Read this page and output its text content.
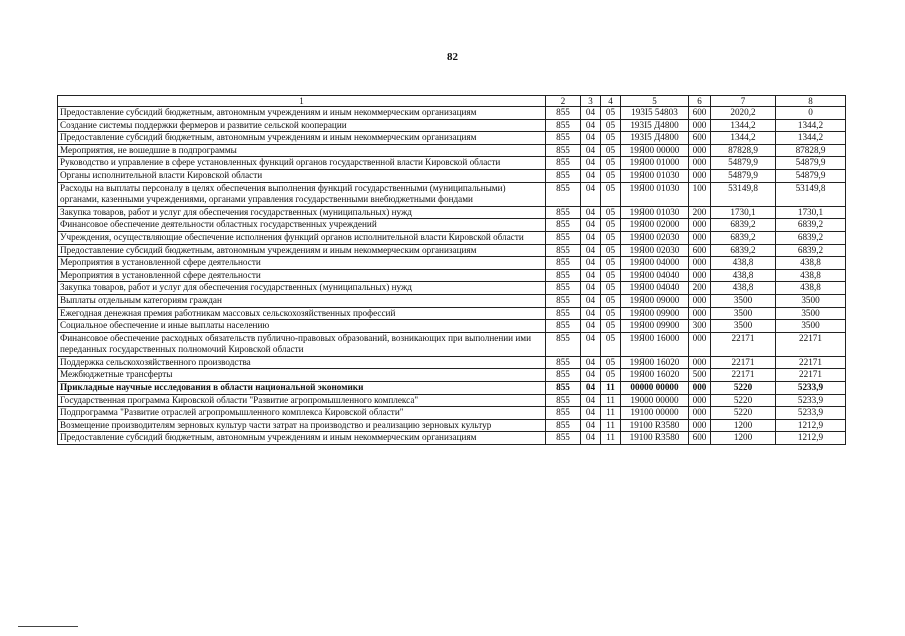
82
1	2	3	4	5	6	7	8
Предоставление субсидий бюджетным, автономным учреждениям и иным некоммерческим организациям	855	04	05	193I5 54803	600	2020,2	0
Создание системы поддержки фермеров и развитие сельской кооперации	855	04	05	193I5 Д4800	000	1344,2	1344,2
Предоставление субсидий бюджетным, автономным учреждениям и иным некоммерческим организациям	855	04	05	193I5 Д4800	600	1344,2	1344,2
Мероприятия, не вошедшие в подпрограммы	855	04	05	19Я00 00000	000	87828,9	87828,9
Руководство и управление в сфере установленных функций органов государственной власти Кировской области	855	04	05	19Я00 01000	000	54879,9	54879,9
Органы исполнительной власти Кировской области	855	04	05	19Я00 01030	000	54879,9	54879,9
Расходы на выплаты персоналу в целях обеспечения выполнения функций государственными (муниципальными) органами, казенными учреждениями, органами управления государственными внебюджетными фондами	855	04	05	19Я00 01030	100	53149,8	53149,8
Закупка товаров, работ и услуг для обеспечения государственных (муниципальных) нужд	855	04	05	19Я00 01030	200	1730,1	1730,1
Финансовое обеспечение деятельности областных государственных учреждений	855	04	05	19Я00 02000	000	6839,2	6839,2
Учреждения, осуществляющие обеспечение исполнения функций органов исполнительной власти Кировской области	855	04	05	19Я00 02030	000	6839,2	6839,2
Предоставление субсидий бюджетным, автономным учреждениям и иным некоммерческим организациям	855	04	05	19Я00 02030	600	6839,2	6839,2
Мероприятия в установленной сфере деятельности	855	04	05	19Я00 04000	000	438,8	438,8
Мероприятия в установленной сфере деятельности	855	04	05	19Я00 04040	000	438,8	438,8
Закупка товаров, работ и услуг для обеспечения государственных (муниципальных) нужд	855	04	05	19Я00 04040	200	438,8	438,8
Выплаты отдельным категориям граждан	855	04	05	19Я00 09000	000	3500	3500
Ежегодная денежная премия работникам массовых сельскохозяйственных профессий	855	04	05	19Я00 09900	000	3500	3500
Социальное обеспечение и иные выплаты населению	855	04	05	19Я00 09900	300	3500	3500
Финансовое обеспечение расходных обязательств публично-правовых образований, возникающих при выполнении ими переданных государственных полномочий Кировской области	855	04	05	19Я00 16000	000	22171	22171
Поддержка сельскохозяйственного производства	855	04	05	19Я00 16020	000	22171	22171
Межбюджетные трансферты	855	04	05	19Я00 16020	500	22171	22171
Прикладные научные исследования в области национальной экономики	855	04	11	00000 00000	000	5220	5233,9
Государственная программа Кировской области "Развитие агропромышленного комплекса"	855	04	11	19000 00000	000	5220	5233,9
Подпрограмма "Развитие отраслей агропромышленного комплекса Кировской области"	855	04	11	19100 00000	000	5220	5233,9
Возмещение производителям зерновых культур части затрат на производство и реализацию зерновых культур	855	04	11	19100 R3580	000	1200	1212,9
Предоставление субсидий бюджетным, автономным учреждениям и иным некоммерческим организациям	855	04	11	19100 R3580	600	1200	1212,9
